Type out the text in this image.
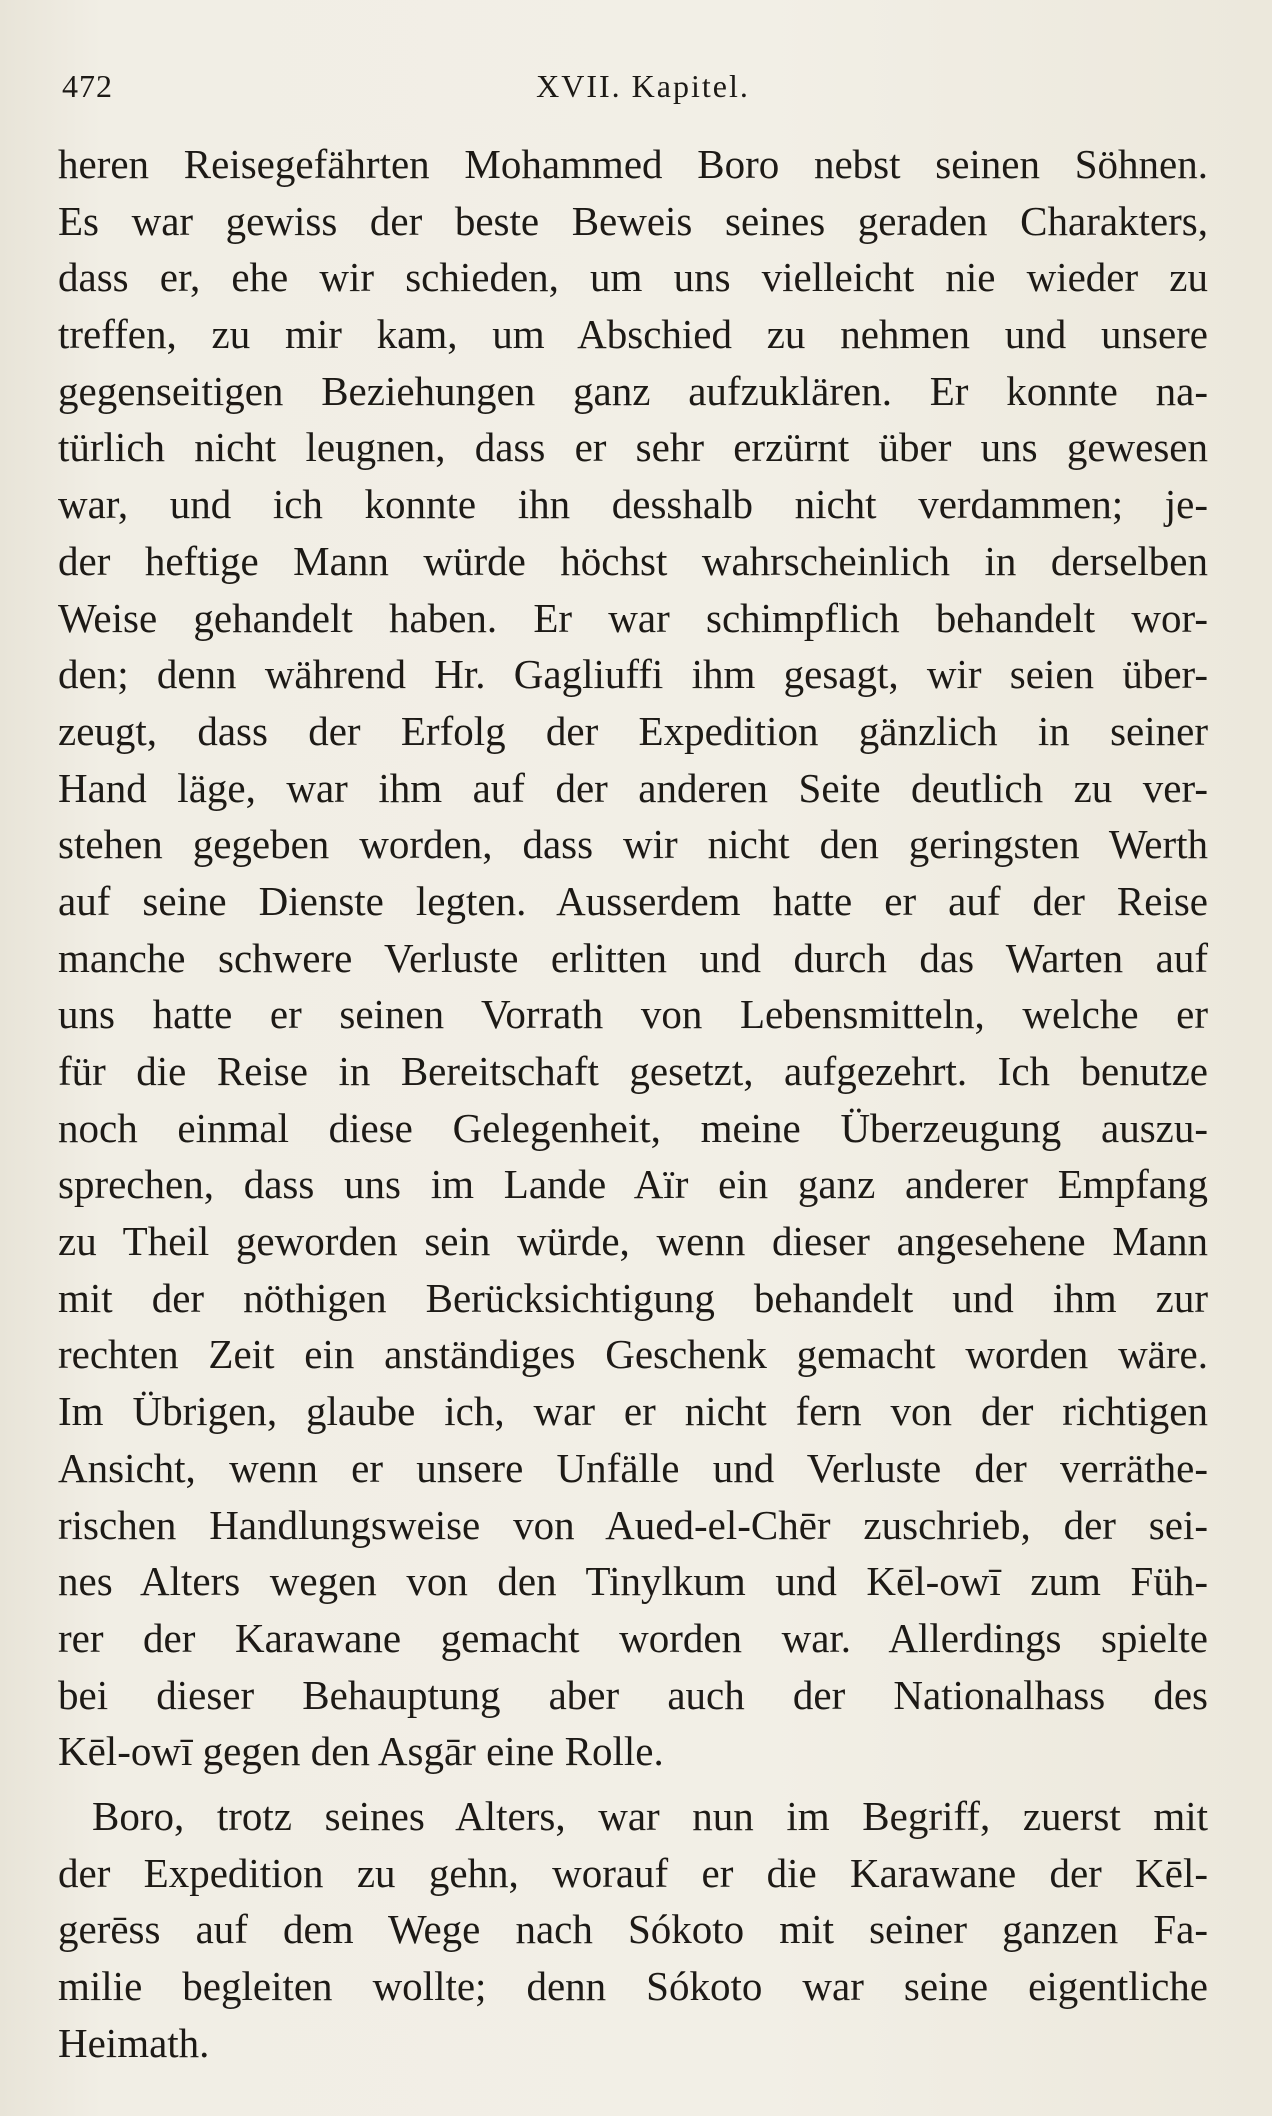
472	XVII. Kapitel.
heren Reisegefährten Mohammed Boro nebst seinen Söhnen.
Es war gewiss der beste Beweis seines geraden Charakters,
dass er, ehe wir schieden, um uns vielleicht nie wieder zu
treffen, zu mir kam, um Abschied zu nehmen und unsere
gegenseitigen Beziehungen ganz aufzuklären. Er konnte na-
türlich nicht leugnen, dass er sehr erzürnt über uns gewesen
war, und ich konnte ihn desshalb nicht verdammen; je-
der heftige Mann würde höchst wahrscheinlich in derselben
Weise gehandelt haben. Er war schimpflich behandelt wor-
den; denn während Hr. Gagliuffi ihm gesagt, wir seien über-
zeugt, dass der Erfolg der Expedition gänzlich in seiner
Hand läge, war ihm auf der anderen Seite deutlich zu ver-
stehen gegeben worden, dass wir nicht den geringsten Werth
auf seine Dienste legten. Ausserdem hatte er auf der Reise
manche schwere Verluste erlitten und durch das Warten auf
uns hatte er seinen Vorrath von Lebensmitteln, welche er
für die Reise in Bereitschaft gesetzt, aufgezehrt. Ich benutze
noch einmal diese Gelegenheit, meine Überzeugung auszu-
sprechen, dass uns im Lande Aïr ein ganz anderer Empfang
zu Theil geworden sein würde, wenn dieser angesehene Mann
mit der nöthigen Berücksichtigung behandelt und ihm zur
rechten Zeit ein anständiges Geschenk gemacht worden wäre.
Im Übrigen, glaube ich, war er nicht fern von der richtigen
Ansicht, wenn er unsere Unfälle und Verluste der verräthe-
rischen Handlungsweise von Aued-el-Chēr zuschrieb, der sei-
nes Alters wegen von den Tinylkum und Kēl-owī zum Füh-
rer der Karawane gemacht worden war. Allerdings spielte
bei dieser Behauptung aber auch der Nationalhass des
Kēl-owī gegen den Asgār eine Rolle.
Boro, trotz seines Alters, war nun im Begriff, zuerst mit
der Expedition zu gehn, worauf er die Karawane der Kēl-
gerēss auf dem Wege nach Sókoto mit seiner ganzen Fa-
milie begleiten wollte; denn Sókoto war seine eigentliche
Heimath.
